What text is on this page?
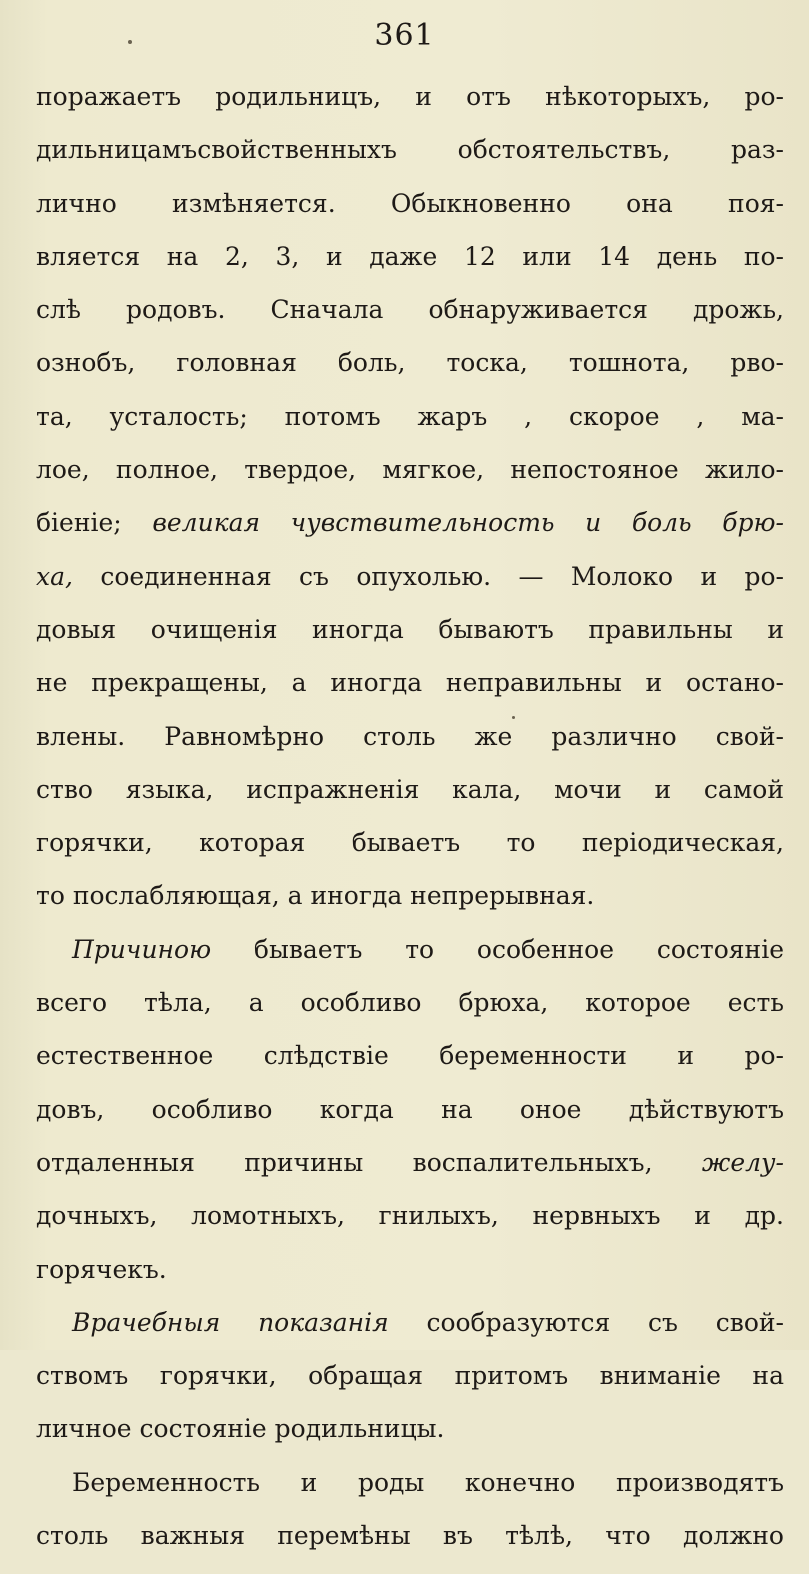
361
поражаетъ родильницъ, и отъ нѣкоторыхъ, ро-
дильницамъсвойственныхъ обстоятельствъ, раз-
лично измѣняется. Обыкновенно она поя-
вляется на 2, 3, и даже 12 или 14 день по-
слѣ родовъ. Сначала обнаруживается дрожь,
ознобъ, головная боль, тоска, тошнота, рво-
та, усталость; потомъ жаръ , скорое , ма-
лое, полное, твердое, мягкое, непостояное жило-
біеніе; великая чувствительность и боль брю-
ха, соединенная съ опухолью. — Молоко и ро-
довыя очищенія иногда бываютъ правильны и
не прекращены, а иногда неправильны и остано-
влены. Равномѣрно столь же различно свой-
ство языка, испражненія кала, мочи и самой
горячки, которая бываетъ то періодическая,
то послабляющая, а иногда непрерывная.
Причиною бываетъ то особенное состояніе
всего тѣла, а особливо брюха, которое есть
естественное слѣдствіе беременности и ро-
довъ, особливо когда на оное дѣйствуютъ
отдаленныя причины воспалительныхъ, желу-
дочныхъ, ломотныхъ, гнилыхъ, нервныхъ и др.
горячекъ.
Врачебныя показанія сообразуются съ свой-
ствомъ горячки, обращая притомъ вниманіе на
личное состояніе родильницы.
Беременность и роды конечно производятъ
столь важныя перемѣны въ тѣлѣ, что должно
